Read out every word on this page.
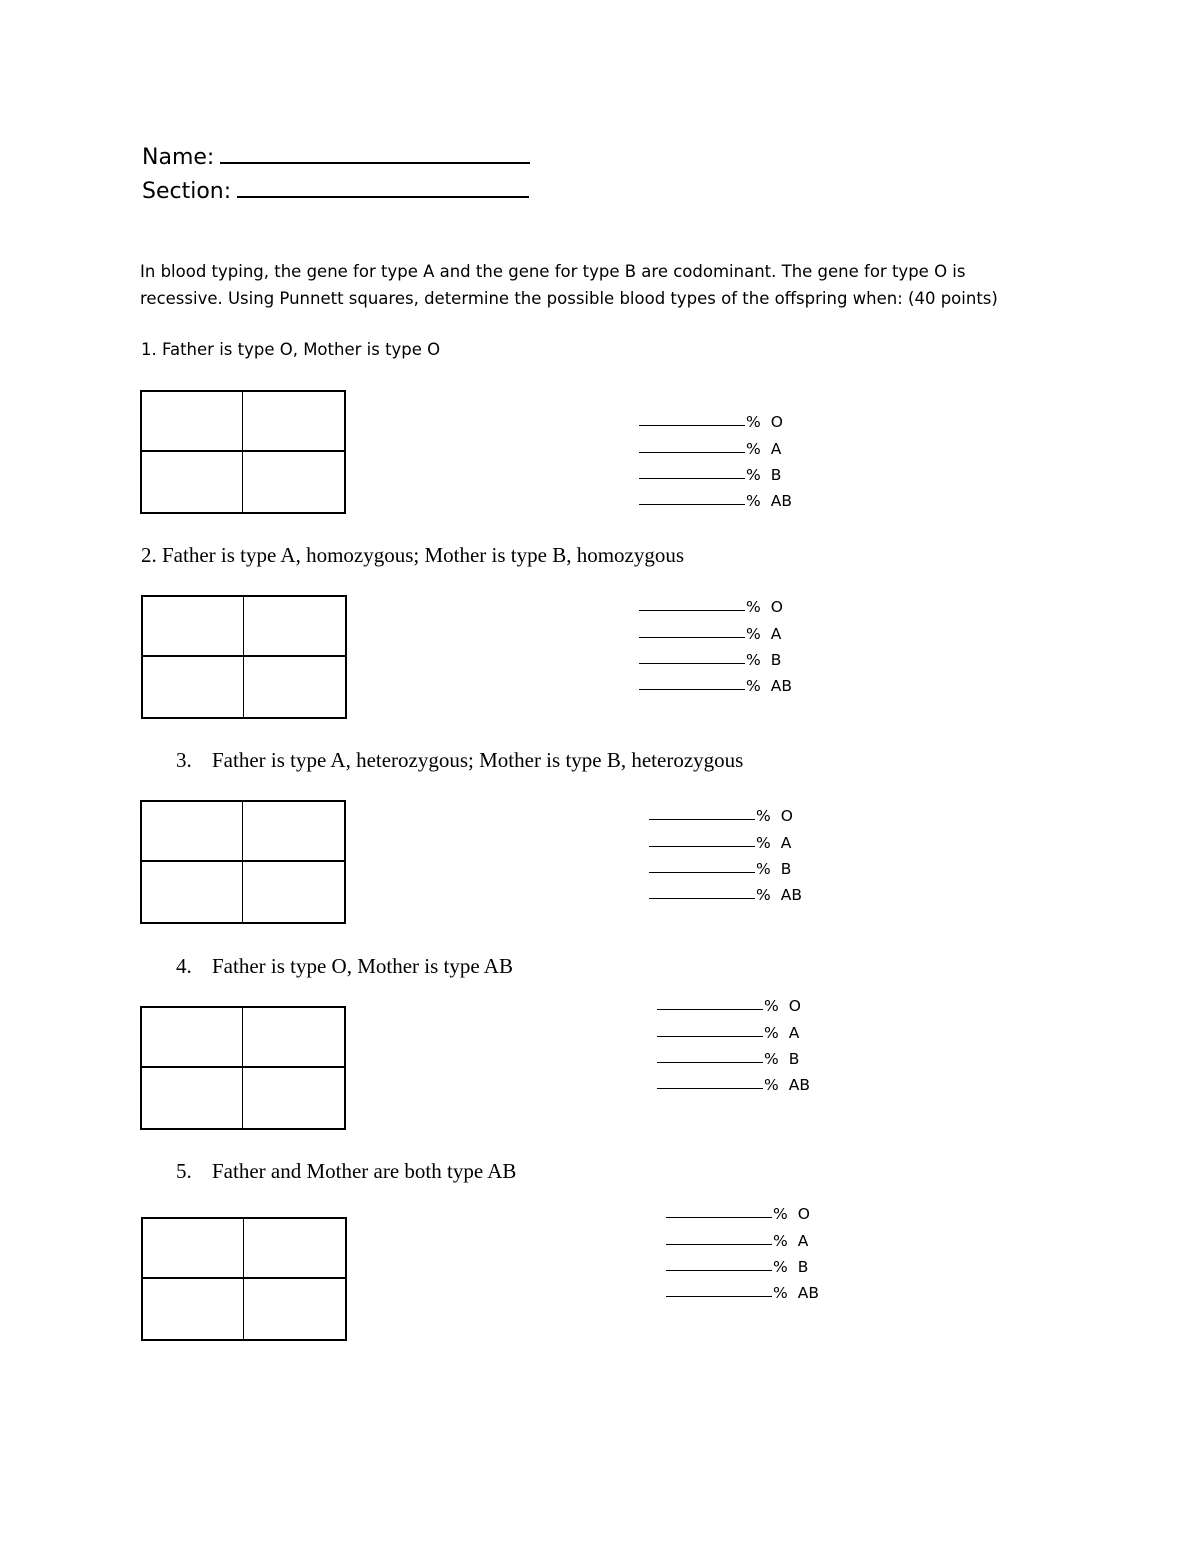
Name:
Section:

In blood typing, the gene for type A and the gene for type B are codominant. The gene for type O is

recessive. Using Punnett squares, determine the possible blood types of the offspring when: (40 points)

1. Father is type O, Mother is type O
% O
% A
% B
% AB
2. Father is type A, homozygous; Mother is type B, homozygous
% O
% A
% B
% AB
3. Father is type A, heterozygous; Mother is type B, heterozygous
% O
% A
% B
% AB
4. Father is type O, Mother is type AB
% O
% A
% B
% AB
5. Father and Mother are both type AB
% O
% A
% B
% AB
